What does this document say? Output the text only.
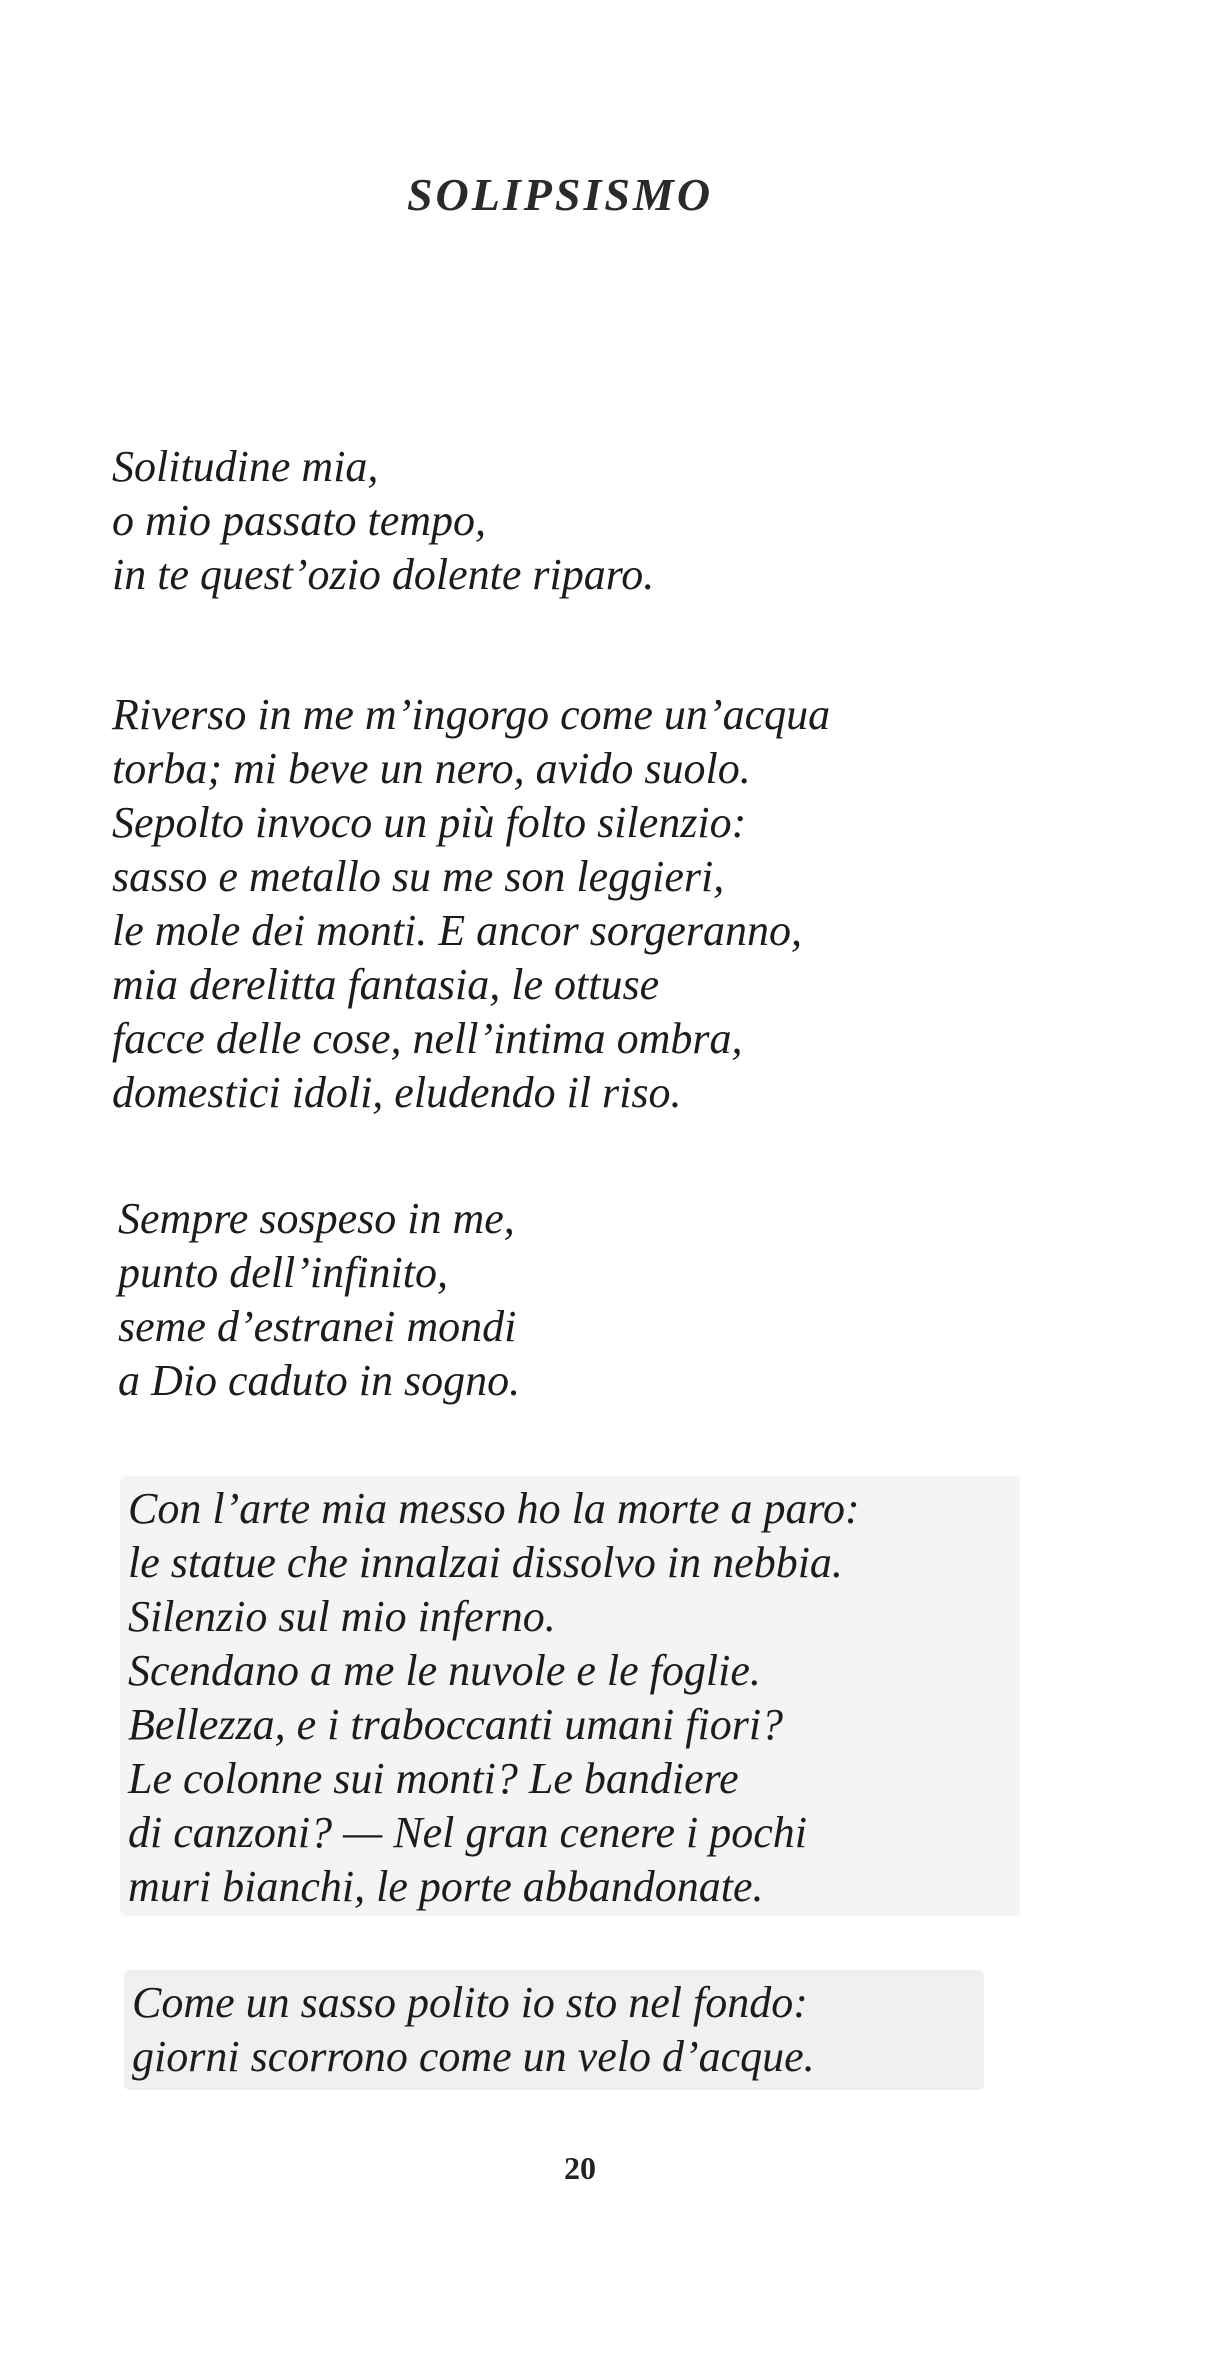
SOLIPSISMO
Solitudine mia,
o mio passato tempo,
in te quest’ozio dolente riparo.
Riverso in me m’ingorgo come un’acqua
torba; mi beve un nero, avido suolo.
Sepolto invoco un più folto silenzio:
sasso e metallo su me son leggieri,
le mole dei monti. E ancor sorgeranno,
mia derelitta fantasia, le ottuse
facce delle cose, nell’intima ombra,
domestici idoli, eludendo il riso.
Sempre sospeso in me,
punto dell’infinito,
seme d’estranei mondi
a Dio caduto in sogno.
Con l’arte mia messo ho la morte a paro:
le statue che innalzai dissolvo in nebbia.
Silenzio sul mio inferno.
Scendano a me le nuvole e le foglie.
Bellezza, e i traboccanti umani fiori?
Le colonne sui monti? Le bandiere
di canzoni? — Nel gran cenere i pochi
muri bianchi, le porte abbandonate.
Come un sasso polito io sto nel fondo:
giorni scorrono come un velo d’acque.
20
